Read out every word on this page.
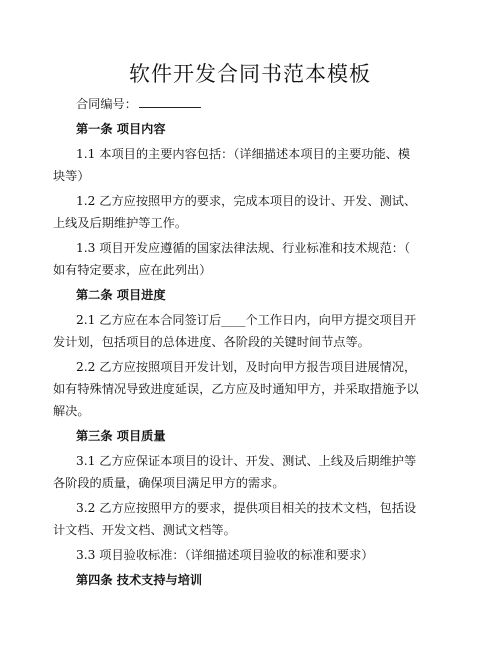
软件开发合同书范本模板
合同编号：
第一条 项目内容
1.1 本项目的主要内容包括：（详细描述本项目的主要功能、模
块等）
1.2 乙方应按照甲方的要求，完成本项目的设计、开发、测试、
上线及后期维护等工作。
1.3 项目开发应遵循的国家法律法规、行业标准和技术规范：（
如有特定要求，应在此列出）
第二条 项目进度
2.1 乙方应在本合同签订后____个工作日内，向甲方提交项目开
发计划，包括项目的总体进度、各阶段的关键时间节点等。
2.2 乙方应按照项目开发计划，及时向甲方报告项目进展情况，
如有特殊情况导致进度延误，乙方应及时通知甲方，并采取措施予以
解决。
第三条 项目质量
3.1 乙方应保证本项目的设计、开发、测试、上线及后期维护等
各阶段的质量，确保项目满足甲方的需求。
3.2 乙方应按照甲方的要求，提供项目相关的技术文档，包括设
计文档、开发文档、测试文档等。
3.3 项目验收标准：（详细描述项目验收的标准和要求）
第四条 技术支持与培训
